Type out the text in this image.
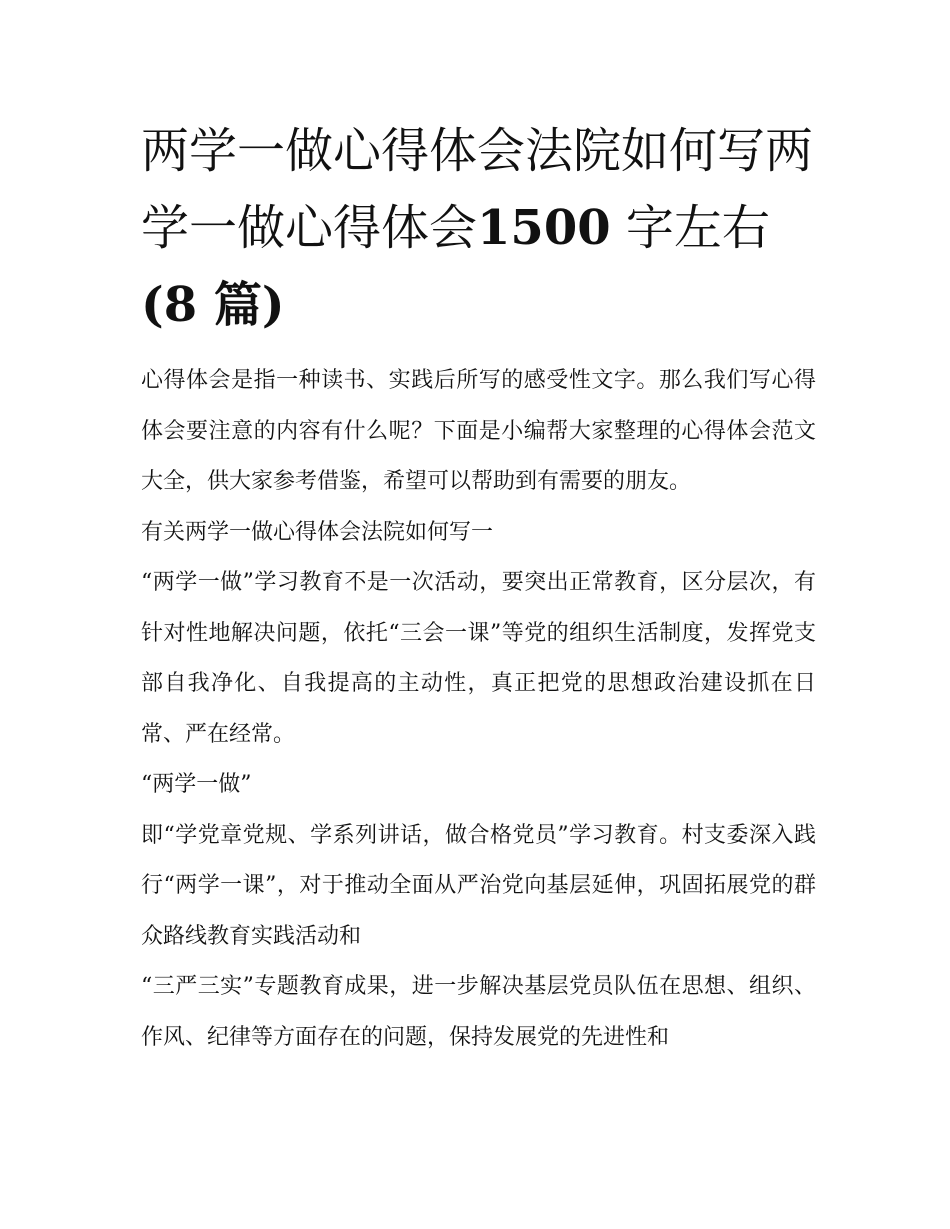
两学一做心得体会法院如何写两学一做心得体会1500 字左右
(8 篇)

心得体会是指一种读书、实践后所写的感受性文字。那么我们写心得体会要注意的内容有什么呢？下面是小编帮大家整理的心得体会范文大全，供大家参考借鉴，希望可以帮助到有需要的朋友。

有关两学一做心得体会法院如何写一

“两学一做”学习教育不是一次活动，要突出正常教育，区分层次，有针对性地解决问题，依托“三会一课”等党的组织生活制度，发挥党支部自我净化、自我提高的主动性，真正把党的思想政治建设抓在日常、严在经常。

“两学一做”

即“学党章党规、学系列讲话，做合格党员”学习教育。村支委深入践行“两学一课”，对于推动全面从严治党向基层延伸，巩固拓展党的群众路线教育实践活动和

“三严三实”专题教育成果，进一步解决基层党员队伍在思想、组织、作风、纪律等方面存在的问题，保持发展党的先进性和
